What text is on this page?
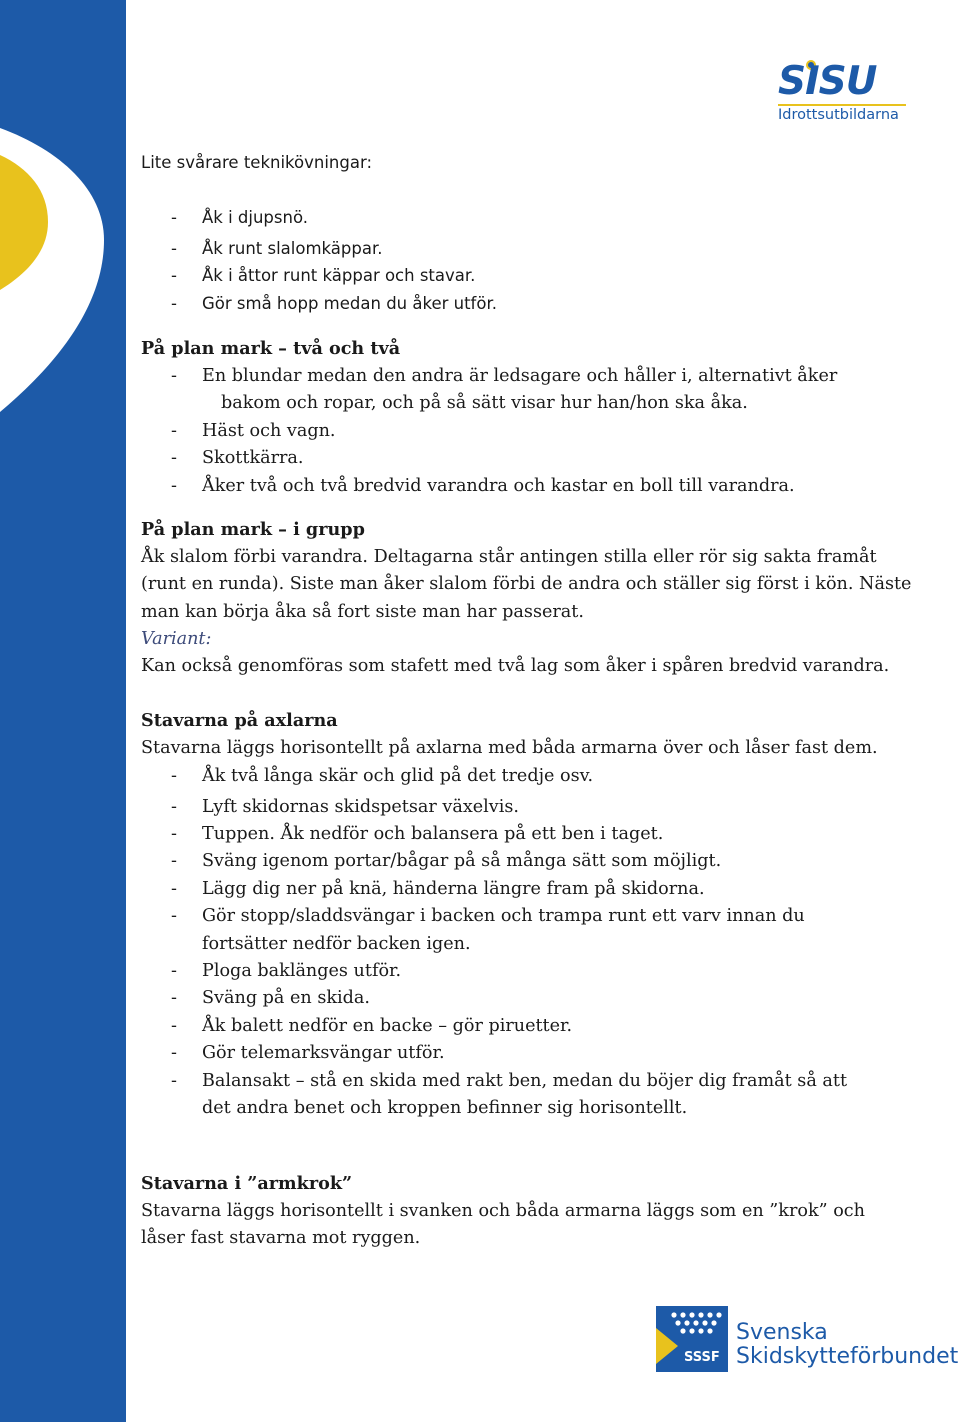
SISU
Idrottsutbildarna
Lite svårare teknikövningar:
- Åk i djupsnö.
- Åk runt slalomkäppar.
- Åk i åttor runt käppar och stavar.
- Gör små hopp medan du åker utför.
På plan mark – två och två
- En blundar medan den andra är ledsagare och håller i, alternativt åker
bakom och ropar, och på så sätt visar hur han/hon ska åka.
- Häst och vagn.
- Skottkärra.
- Åker två och två bredvid varandra och kastar en boll till varandra.
På plan mark – i grupp
Åk slalom förbi varandra. Deltagarna står antingen stilla eller rör sig sakta framåt
(runt en runda). Siste man åker slalom förbi de andra och ställer sig först i kön. Näste
man kan börja åka så fort siste man har passerat.
Variant:
Kan också genomföras som stafett med två lag som åker i spåren bredvid varandra.
Stavarna på axlarna
Stavarna läggs horisontellt på axlarna med båda armarna över och låser fast dem.
- Åk två långa skär och glid på det tredje osv.
- Lyft skidornas skidspetsar växelvis.
- Tuppen. Åk nedför och balansera på ett ben i taget.
- Sväng igenom portar/bågar på så många sätt som möjligt.
- Lägg dig ner på knä, händerna längre fram på skidorna.
- Gör stopp/sladdsvängar i backen och trampa runt ett varv innan du
fortsätter nedför backen igen.
- Ploga baklänges utför.
- Sväng på en skida.
- Åk balett nedför en backe – gör piruetter.
- Gör telemarksvängar utför.
- Balansakt – stå en skida med rakt ben, medan du böjer dig framåt så att
det andra benet och kroppen befinner sig horisontellt.
Stavarna i ”armkrok”
Stavarna läggs horisontellt i svanken och båda armarna läggs som en ”krok” och
låser fast stavarna mot ryggen.
SSSF
Svenska
Skidskytteförbundet
